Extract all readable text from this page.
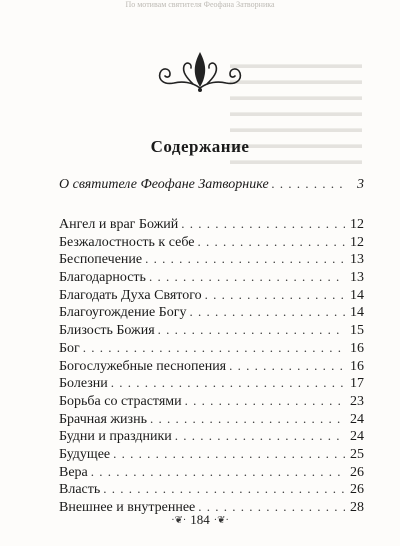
По мотивам святителя Феофана Затворника
▬▬▬▬▬▬▬▬▬▬▬
▬▬▬▬▬▬▬▬▬▬▬
▬▬▬▬▬▬▬▬▬▬▬
▬▬▬▬▬▬▬▬▬▬▬
▬▬▬▬▬▬▬▬▬▬▬
▬▬▬▬▬▬▬▬▬▬▬
▬▬▬▬▬▬▬▬▬▬▬
Содержание
О святителе Феофане Затворнике . . .	3
Ангел и враг Божий . . .	12
Безжалостность к себе . . .	12
Беспопечение . . .	13
Благодарность . . .	13
Благодать Духа Святого . . .	14
Благоугождение Богу . . .	14
Близость Божия . . .	15
Бог . . .	16
Богослужебные песнопения . . .	16
Болезни . . .	17
Борьба со страстями . . .	23
Брачная жизнь . . .	24
Будни и праздники . . .	24
Будущее . . .	25
Вера . . .	26
Власть . . .	26
Внешнее и внутреннее . . .	28
·❦· 184 ·❦·
